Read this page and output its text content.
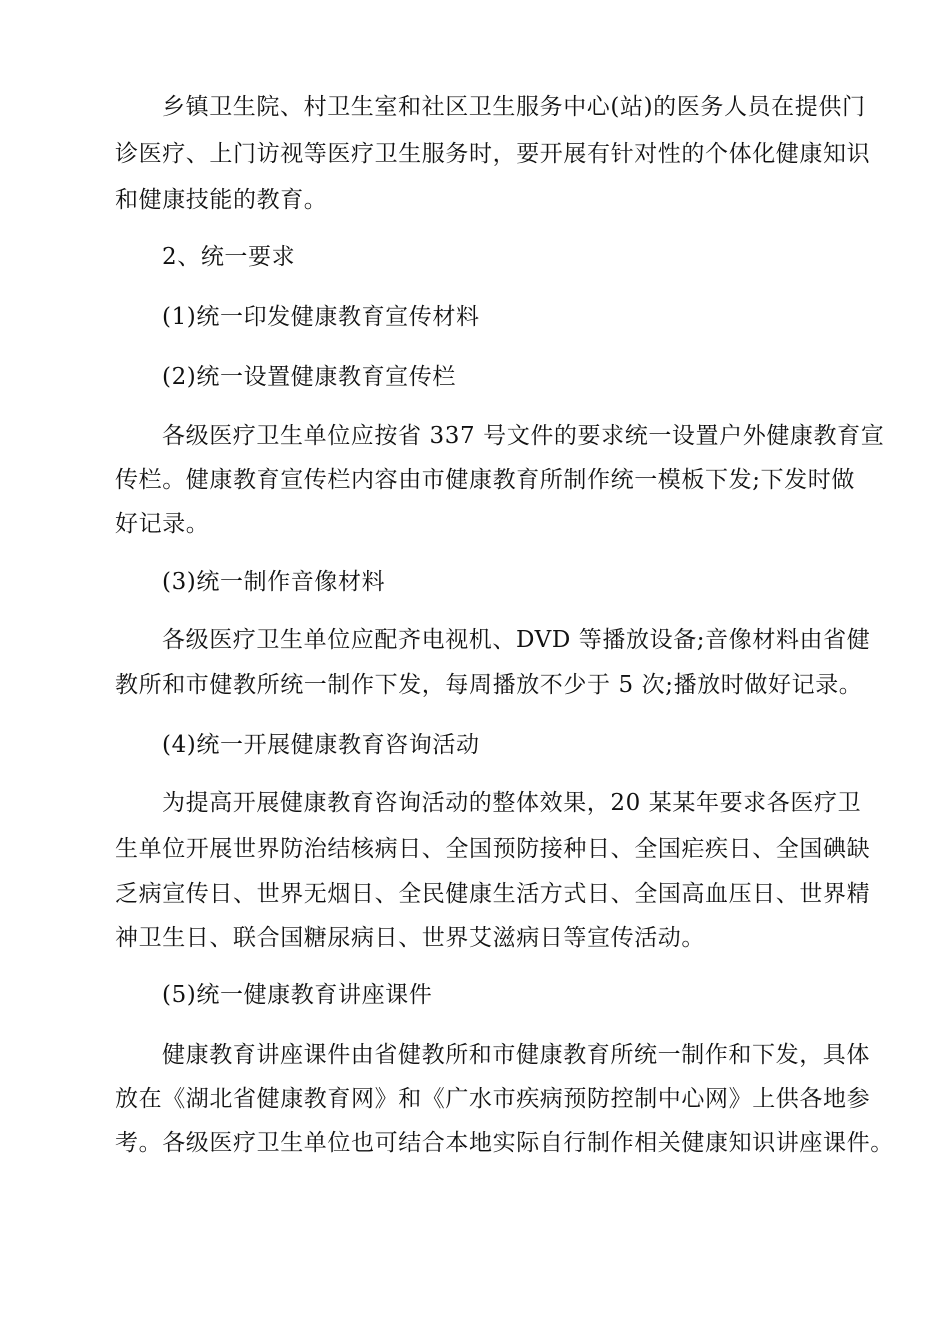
乡镇卫生院、村卫生室和社区卫生服务中心(站)的医务人员在提供门
诊医疗、上门访视等医疗卫生服务时，要开展有针对性的个体化健康知识
和健康技能的教育。
2、统一要求
(1)统一印发健康教育宣传材料
(2)统一设置健康教育宣传栏
各级医疗卫生单位应按省 337 号文件的要求统一设置户外健康教育宣
传栏。健康教育宣传栏内容由市健康教育所制作统一模板下发;下发时做
好记录。
(3)统一制作音像材料
各级医疗卫生单位应配齐电视机、DVD 等播放设备;音像材料由省健
教所和市健教所统一制作下发，每周播放不少于 5 次;播放时做好记录。
(4)统一开展健康教育咨询活动
为提高开展健康教育咨询活动的整体效果，20 某某年要求各医疗卫
生单位开展世界防治结核病日、全国预防接种日、全国疟疾日、全国碘缺
乏病宣传日、世界无烟日、全民健康生活方式日、全国高血压日、世界精
神卫生日、联合国糖尿病日、世界艾滋病日等宣传活动。
(5)统一健康教育讲座课件
健康教育讲座课件由省健教所和市健康教育所统一制作和下发，具体
放在《湖北省健康教育网》和《广水市疾病预防控制中心网》上供各地参
考。各级医疗卫生单位也可结合本地实际自行制作相关健康知识讲座课件。
